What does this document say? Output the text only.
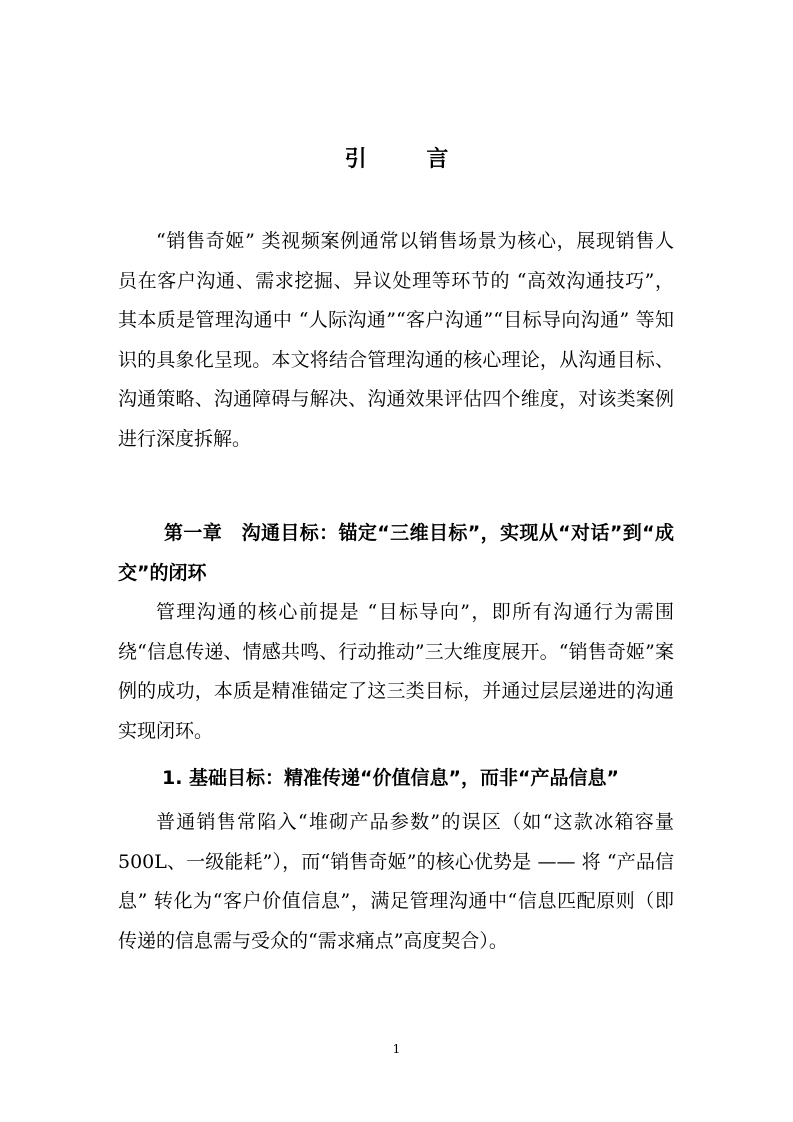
引 言
“销售奇姬” 类视频案例通常以销售场景为核心，展现销售人员在客户沟通、需求挖掘、异议处理等环节的 “高效沟通技巧”，其本质是管理沟通中 “人际沟通”“客户沟通”“目标导向沟通” 等知识的具象化呈现。本文将结合管理沟通的核心理论，从沟通目标、沟通策略、沟通障碍与解决、沟通效果评估四个维度，对该类案例进行深度拆解。
第一章　沟通目标：锚定“三维目标”，实现从“对话”到“成交”的闭环
管理沟通的核心前提是 “目标导向”，即所有沟通行为需围绕“信息传递、情感共鸣、行动推动”三大维度展开。“销售奇姬”案例的成功，本质是精准锚定了这三类目标，并通过层层递进的沟通实现闭环。
1. 基础目标：精准传递“价值信息”，而非“产品信息”
普通销售常陷入“堆砌产品参数”的误区（如“这款冰箱容量 500L、一级能耗”），而“销售奇姬”的核心优势是 —— 将 “产品信息” 转化为“客户价值信息”，满足管理沟通中“信息匹配原则（即传递的信息需与受众的“需求痛点”高度契合）。
1
